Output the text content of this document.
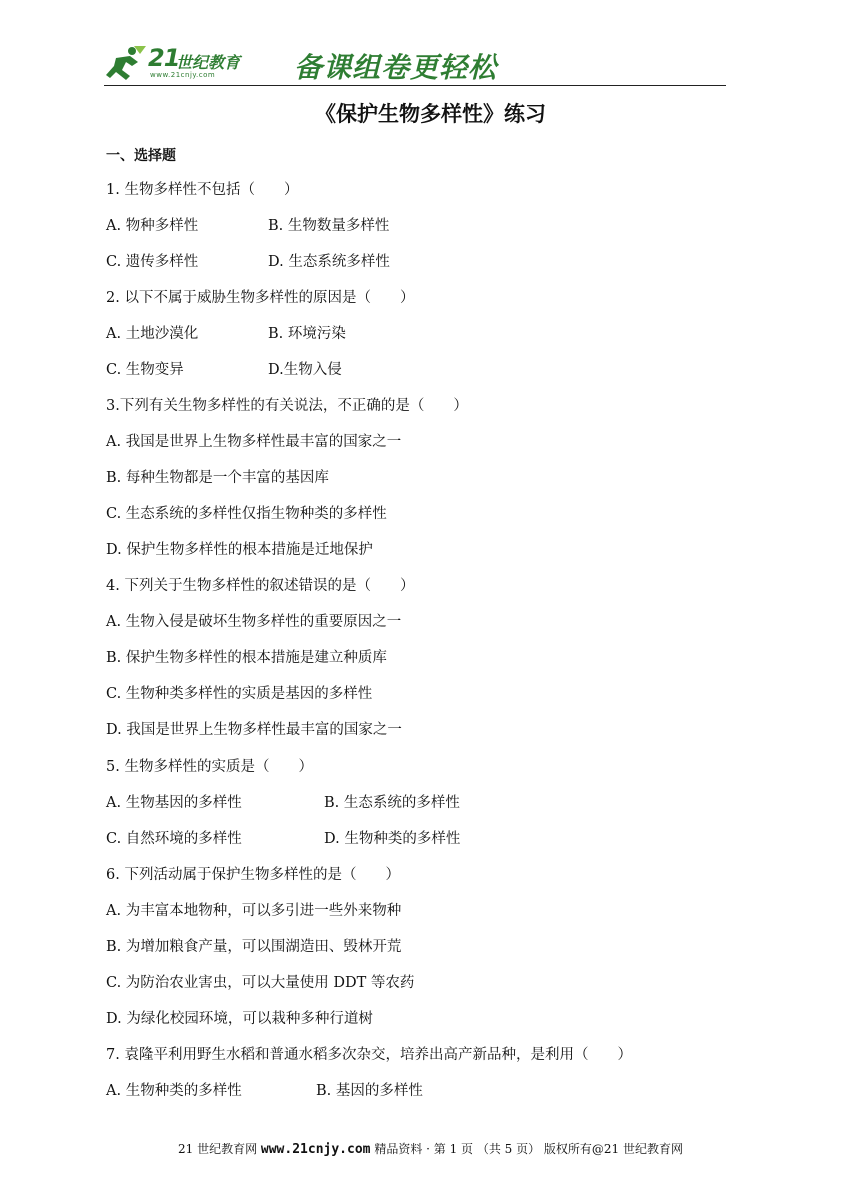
21
世纪教育
www.21cnjy.com	备课组卷更轻松
《保护生物多样性》练习
一、选择题
1. 生物多样性不包括（　　）
A. 物种多样性	B. 生物数量多样性
C. 遗传多样性	D. 生态系统多样性
2. 以下不属于威胁生物多样性的原因是（　　）
A. 土地沙漠化	B. 环境污染
C. 生物变异	D.生物入侵
3.下列有关生物多样性的有关说法，不正确的是（　　）
A. 我国是世界上生物多样性最丰富的国家之一
B. 每种生物都是一个丰富的基因库
C. 生态系统的多样性仅指生物种类的多样性
D. 保护生物多样性的根本措施是迁地保护
4. 下列关于生物多样性的叙述错误的是（　　）
A. 生物入侵是破坏生物多样性的重要原因之一
B. 保护生物多样性的根本措施是建立种质库
C. 生物种类多样性的实质是基因的多样性
D. 我国是世界上生物多样性最丰富的国家之一
5. 生物多样性的实质是（　　）
A. 生物基因的多样性	B. 生态系统的多样性
C. 自然环境的多样性	D. 生物种类的多样性
6. 下列活动属于保护生物多样性的是（　　）
A. 为丰富本地物种，可以多引进一些外来物种
B. 为增加粮食产量，可以围湖造田、毁林开荒
C. 为防治农业害虫，可以大量使用 DDT 等农药
D. 为绿化校园环境，可以栽种多种行道树
7. 袁隆平利用野生水稻和普通水稻多次杂交，培养出高产新品种，是利用（　　）
A. 生物种类的多样性	B. 基因的多样性
21 世纪教育网 www.21cnjy.com 精品资料 · 第 1 页 （共 5 页） 版权所有@21 世纪教育网
